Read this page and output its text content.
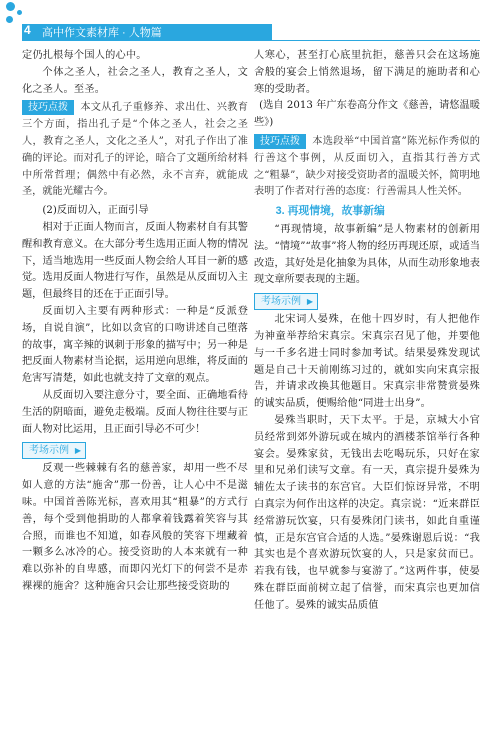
4 高中作文素材库 · 人物篇

定仍扎根每个国人的心中。

个体之圣人，社会之圣人，教育之圣人，文化之圣人。至圣。

技巧点拨 本文从孔子重修养、求出仕、兴教育三个方面，指出孔子是“个体之圣人，社会之圣人，教育之圣人，文化之圣人”，对孔子作出了准确的评论。而对孔子的评论，暗合了文题所给材料中所常哲理；偶然中有必然，永不言弃，就能成圣，就能光耀古今。

(2)反面切入，正面引导

相对于正面人物而言，反面人物素材自有其警醒和教育意义。在大部分考生选用正面人物的情况下，适当地选用一些反面人物会给人耳目一新的感觉。选用反面人物进行写作，虽然是从反面切入主题，但最终目的还在于正面引导。

反面切入主要有两种形式：一种是“反派登场，自说自演”，比如以贪官的口吻讲述自己堕落的故事，寓辛辣的讽刺于形象的描写中；另一种是把反面人物素材当论据，运用逆向思维，将反面的危害写清楚，如此也就支持了文章的观点。

从反面切入要注意分寸，要全面、正确地看待生活的阴暗面，避免走极端。反面人物往往要与正面人物对比运用，且正面引导必不可少！

考场示例 ▶

反观一些棘棘有名的慈善家，却用一些不尽如人意的方法“施舍”那一份善，让人心中不是滋味。中国首善陈光标，喜欢用其“粗暴”的方式行善，每个受到他捐助的人都拿着钱露着笑容与其合照，而谁也不知道，如春风般的笑容下埋藏着一颗多么冰冷的心。接受资助的人本来就有一种难以弥补的自卑感，而即闪光灯下的何尝不是赤裸裸的施舍？这种施舍只会让那些接受资助的

人寒心，甚至打心底里抗拒，慈善只会在这场施舍般的宴会上悄然退场，留下满足的施助者和心寒的受助者。

(选自 2013 年广东卷高分作文《慈善，请悠温暖些》)

技巧点拨 本选段举“中国首富”陈光标作秀似的行善这个事例，从反面切入，直指其行善方式之“粗暴”，缺少对接受资助者的温暖关怀，简明地表明了作者对行善的态度：行善需具人性关怀。

3. 再现情境，故事新编

“再现情境，故事新编”是人物素材的创新用法。“情境”“故事”将人物的经历再现还原，或适当改造，其好处是化抽象为具体，从而生动形象地表现文章所要表现的主题。

考场示例 ▶

北宋词人晏殊，在他十四岁时，有人把他作为神童举荐给宋真宗。宋真宗召见了他，并要他与一千多名进士同时参加考试。结果晏殊发现试题是自己十天前刚练习过的，就如实向宋真宗报告，并请求改换其他题目。宋真宗非常赞赏晏殊的诚实品质，便赐给他“同进士出身”。

晏殊当职时，天下太平。于是，京城大小官员经常到郊外游玩或在城内的酒楼茶馆举行各种宴会。晏殊家贫，无钱出去吃喝玩乐，只好在家里和兄弟们读写文章。有一天，真宗提升晏殊为辅佐太子读书的东宫官。大臣们惊讶异常，不明白真宗为何作出这样的决定。真宗说：“近来群臣经常游玩饮宴，只有晏殊闭门读书，如此自重谨慎，正是东宫官合适的人选。”晏殊谢恩后说：“我其实也是个喜欢游玩饮宴的人，只是家贫而已。若我有钱，也早就参与宴游了。”这两件事，使晏殊在群臣面前树立起了信誉，而宋真宗也更加信任他了。晏殊的诚实品质值
